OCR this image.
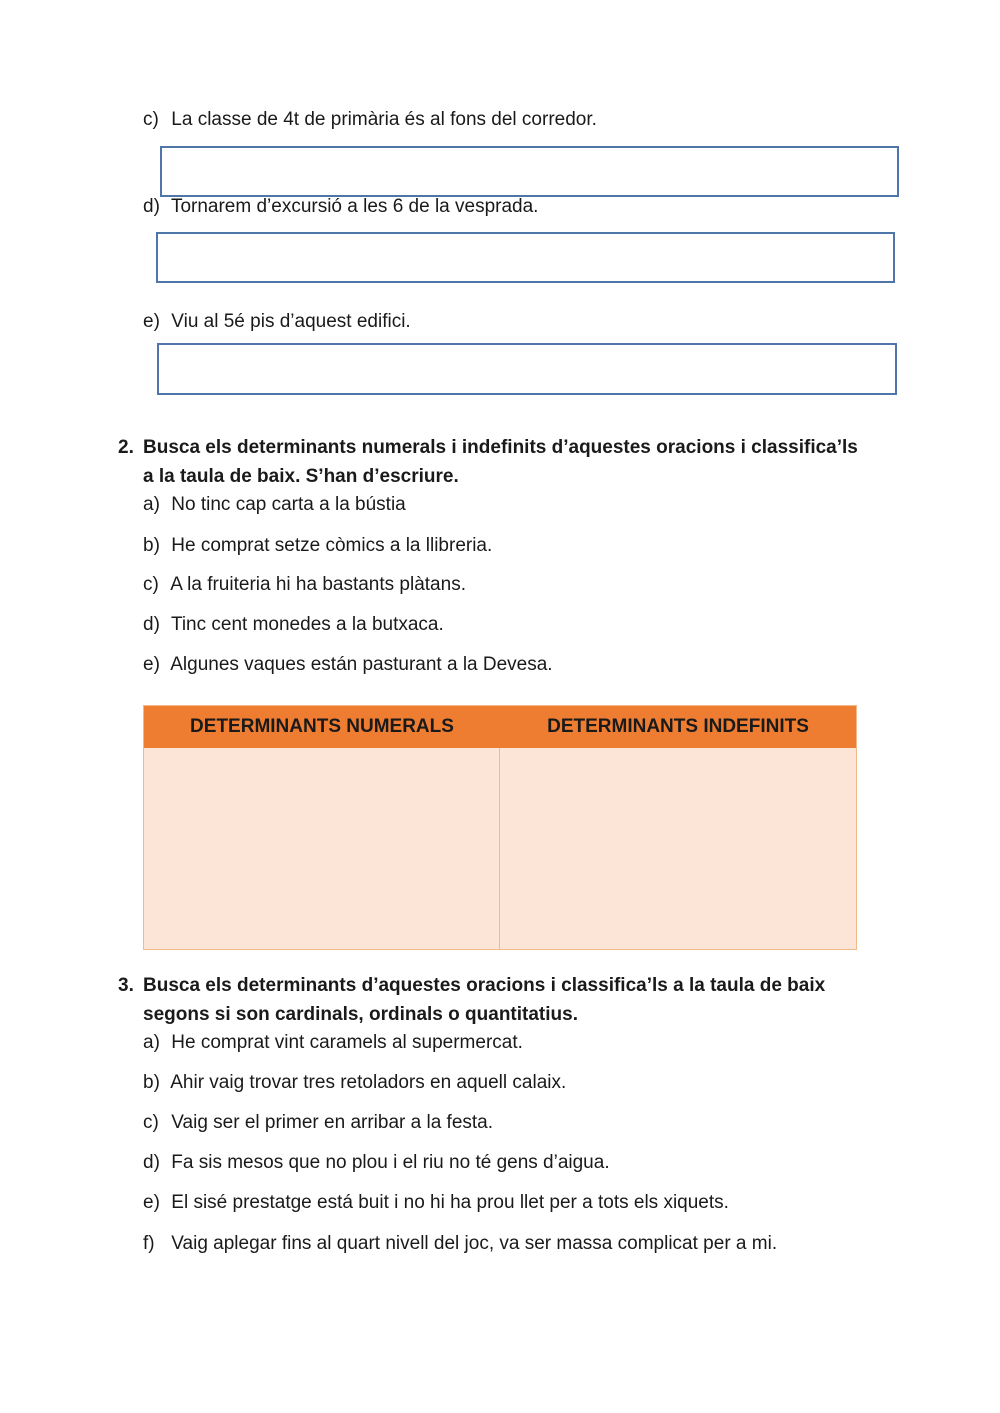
c) La classe de 4t de primària és al fons del corredor.
d) Tornarem d’excursió a les 6 de la vesprada.
e) Viu al 5é pis d’aquest edifici.
2. Busca els determinants numerals i indefinits d’aquestes oracions i classifica’ls
a la taula de baix. S’han d’escriure.
a) No tinc cap carta a la bústia
b) He comprat setze còmics a la llibreria.
c) A la fruiteria hi ha bastants plàtans.
d) Tinc cent monedes a la butxaca.
e) Algunes vaques están pasturant a la Devesa.
DETERMINANTS NUMERALS	DETERMINANTS INDEFINITS
3. Busca els determinants d’aquestes oracions i classifica’ls a la taula de baix
segons si son cardinals, ordinals o quantitatius.
a) He comprat vint caramels al supermercat.
b) Ahir vaig trovar tres retoladors en aquell calaix.
c) Vaig ser el primer en arribar a la festa.
d) Fa sis mesos que no plou i el riu no té gens d’aigua.
e) El sisé prestatge está buit i no hi ha prou llet per a tots els xiquets.
f) Vaig aplegar fins al quart nivell del joc, va ser massa complicat per a mi.
